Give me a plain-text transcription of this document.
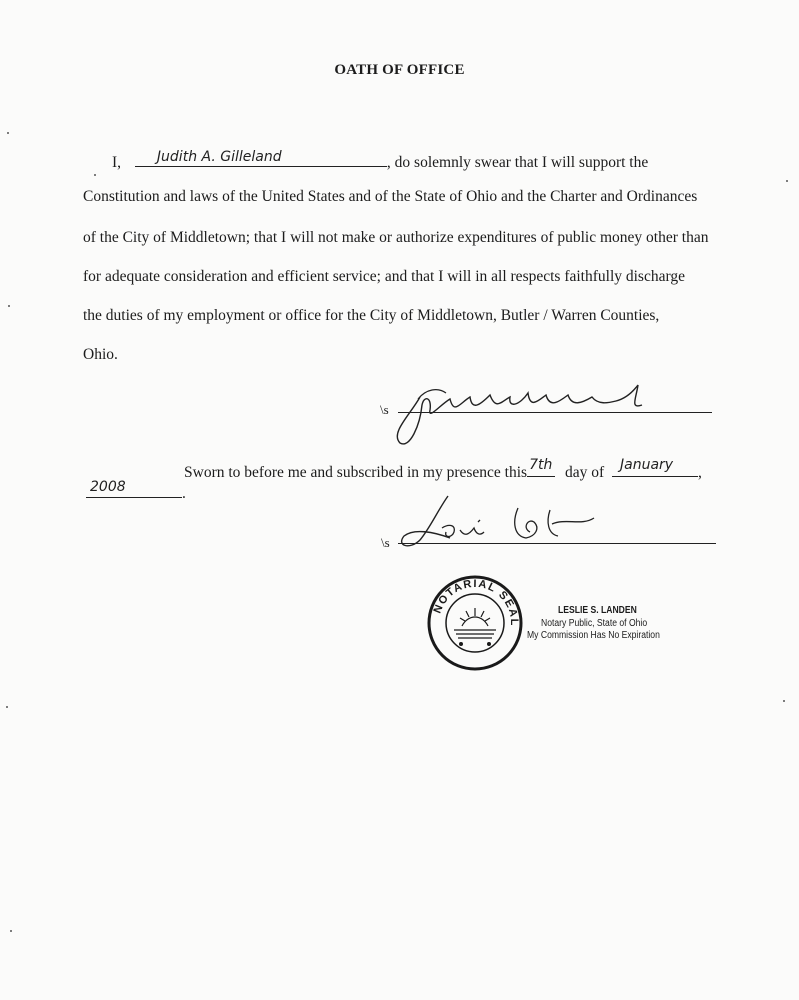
OATH OF OFFICE
I,	Judith A. Gilleland	, do solemnly swear that I will support the
Constitution and laws of the United States and of the State of Ohio and the Charter and Ordinances
of the City of Middletown; that I will not make or authorize expenditures of public money other than
for adequate consideration and efficient service; and that I will in all respects faithfully discharge
the duties of my employment or office for the City of Middletown, Butler / Warren Counties,
Ohio.
\s
Sworn to before me and subscribed in my presence this 7th day of January ,
2008	.
\s
NOTARIAL SEAL
LESLIE S. LANDEN
Notary Public, State of Ohio
My Commission Has No Expiration
